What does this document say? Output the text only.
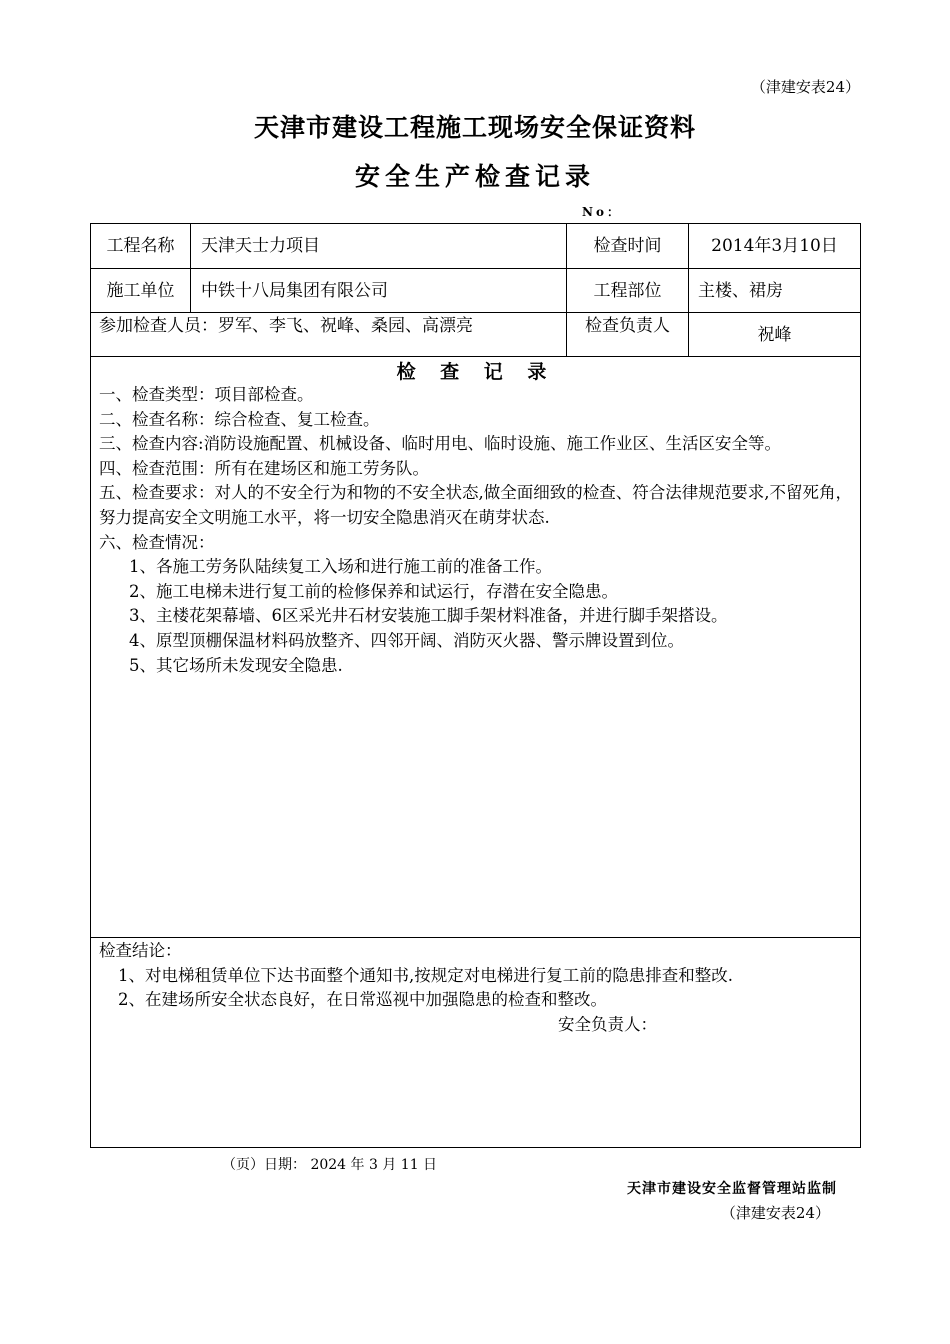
（津建安表24）
天津市建设工程施工现场安全保证资料
安全生产检查记录
No：
工程名称	天津天士力项目	检查时间	2014年3月10日
施工单位	中铁十八局集团有限公司	工程部位	主楼、裙房
参加检查人员：罗军、李飞、祝峰、桑园、高漂亮	检查负责人	祝峰
检 查 记 录

一、检查类型：项目部检查。

二、检查名称：综合检查、复工检查。

三、检查内容:消防设施配置、机械设备、临时用电、临时设施、施工作业区、生活区安全等。

四、检查范围：所有在建场区和施工劳务队。

五、检查要求：对人的不安全行为和物的不安全状态,做全面细致的检查、符合法律规范要求,不留死角，努力提高安全文明施工水平，将一切安全隐患消灭在萌芽状态.

六、检查情况：

1、各施工劳务队陆续复工入场和进行施工前的准备工作。

2、施工电梯未进行复工前的检修保养和试运行，存潜在安全隐患。

3、主楼花架幕墙、6区采光井石材安装施工脚手架材料准备，并进行脚手架搭设。

4、原型顶棚保温材料码放整齐、四邻开阔、消防灭火器、警示牌设置到位。

5、其它场所未发现安全隐患.

检查结论：
1、对电梯租赁单位下达书面整个通知书,按规定对电梯进行复工前的隐患排查和整改.
2、在建场所安全状态良好，在日常巡视中加强隐患的检查和整改。
安全负责人：
（页）日期： 2024 年 3 月 11 日
天津市建设安全监督管理站监制
（津建安表24）
